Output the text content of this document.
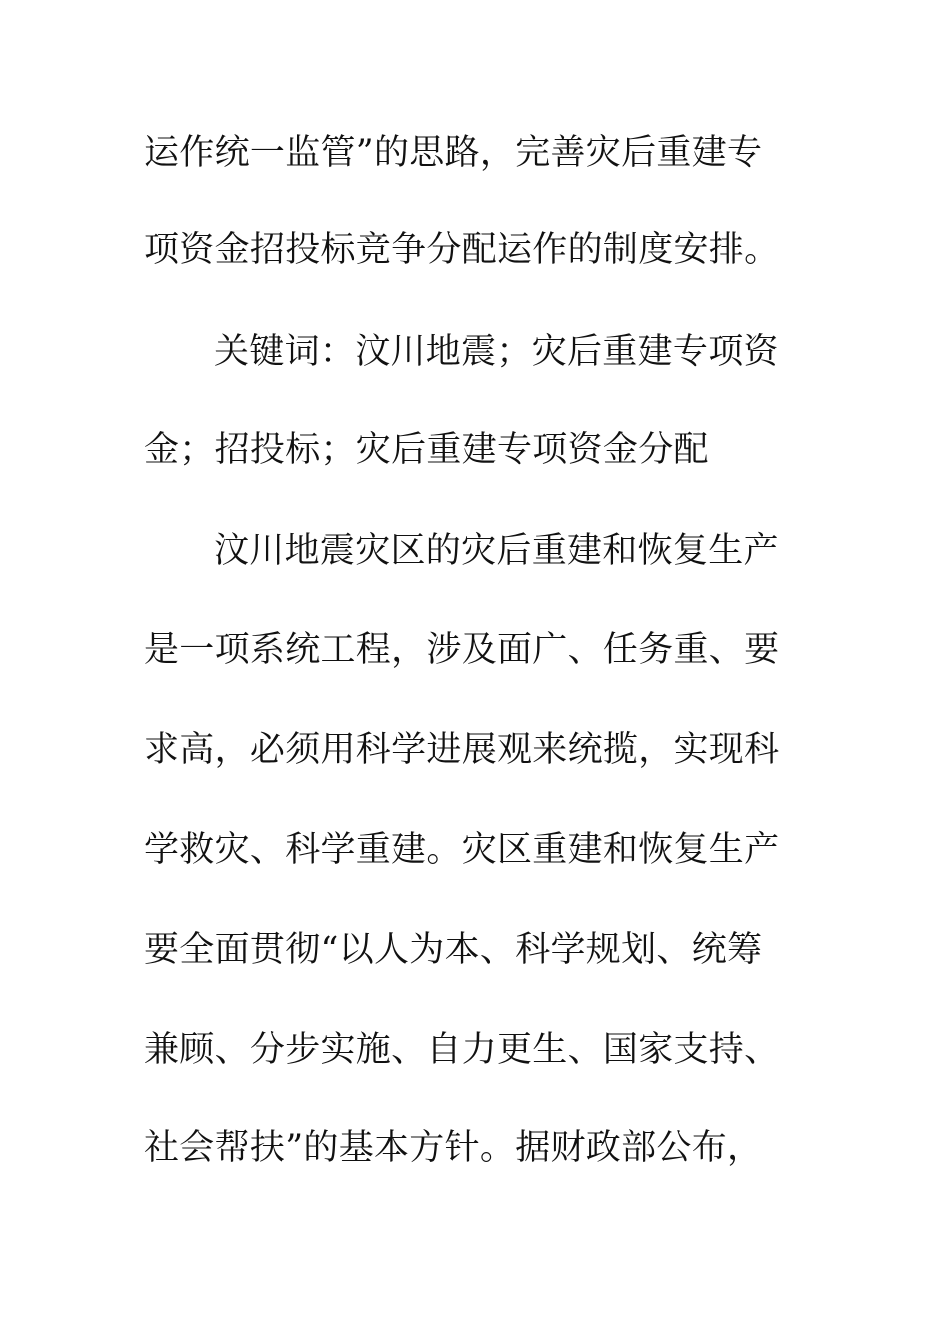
运作统一监管”的思路，完善灾后重建专
项资金招投标竞争分配运作的制度安排。
关键词：汶川地震；灾后重建专项资
金；招投标；灾后重建专项资金分配
汶川地震灾区的灾后重建和恢复生产
是一项系统工程，涉及面广、任务重、要
求高，必须用科学进展观来统揽，实现科
学救灾、科学重建。灾区重建和恢复生产
要全面贯彻“以人为本、科学规划、统筹
兼顾、分步实施、自力更生、国家支持、
社会帮扶”的基本方针。据财政部公布，
